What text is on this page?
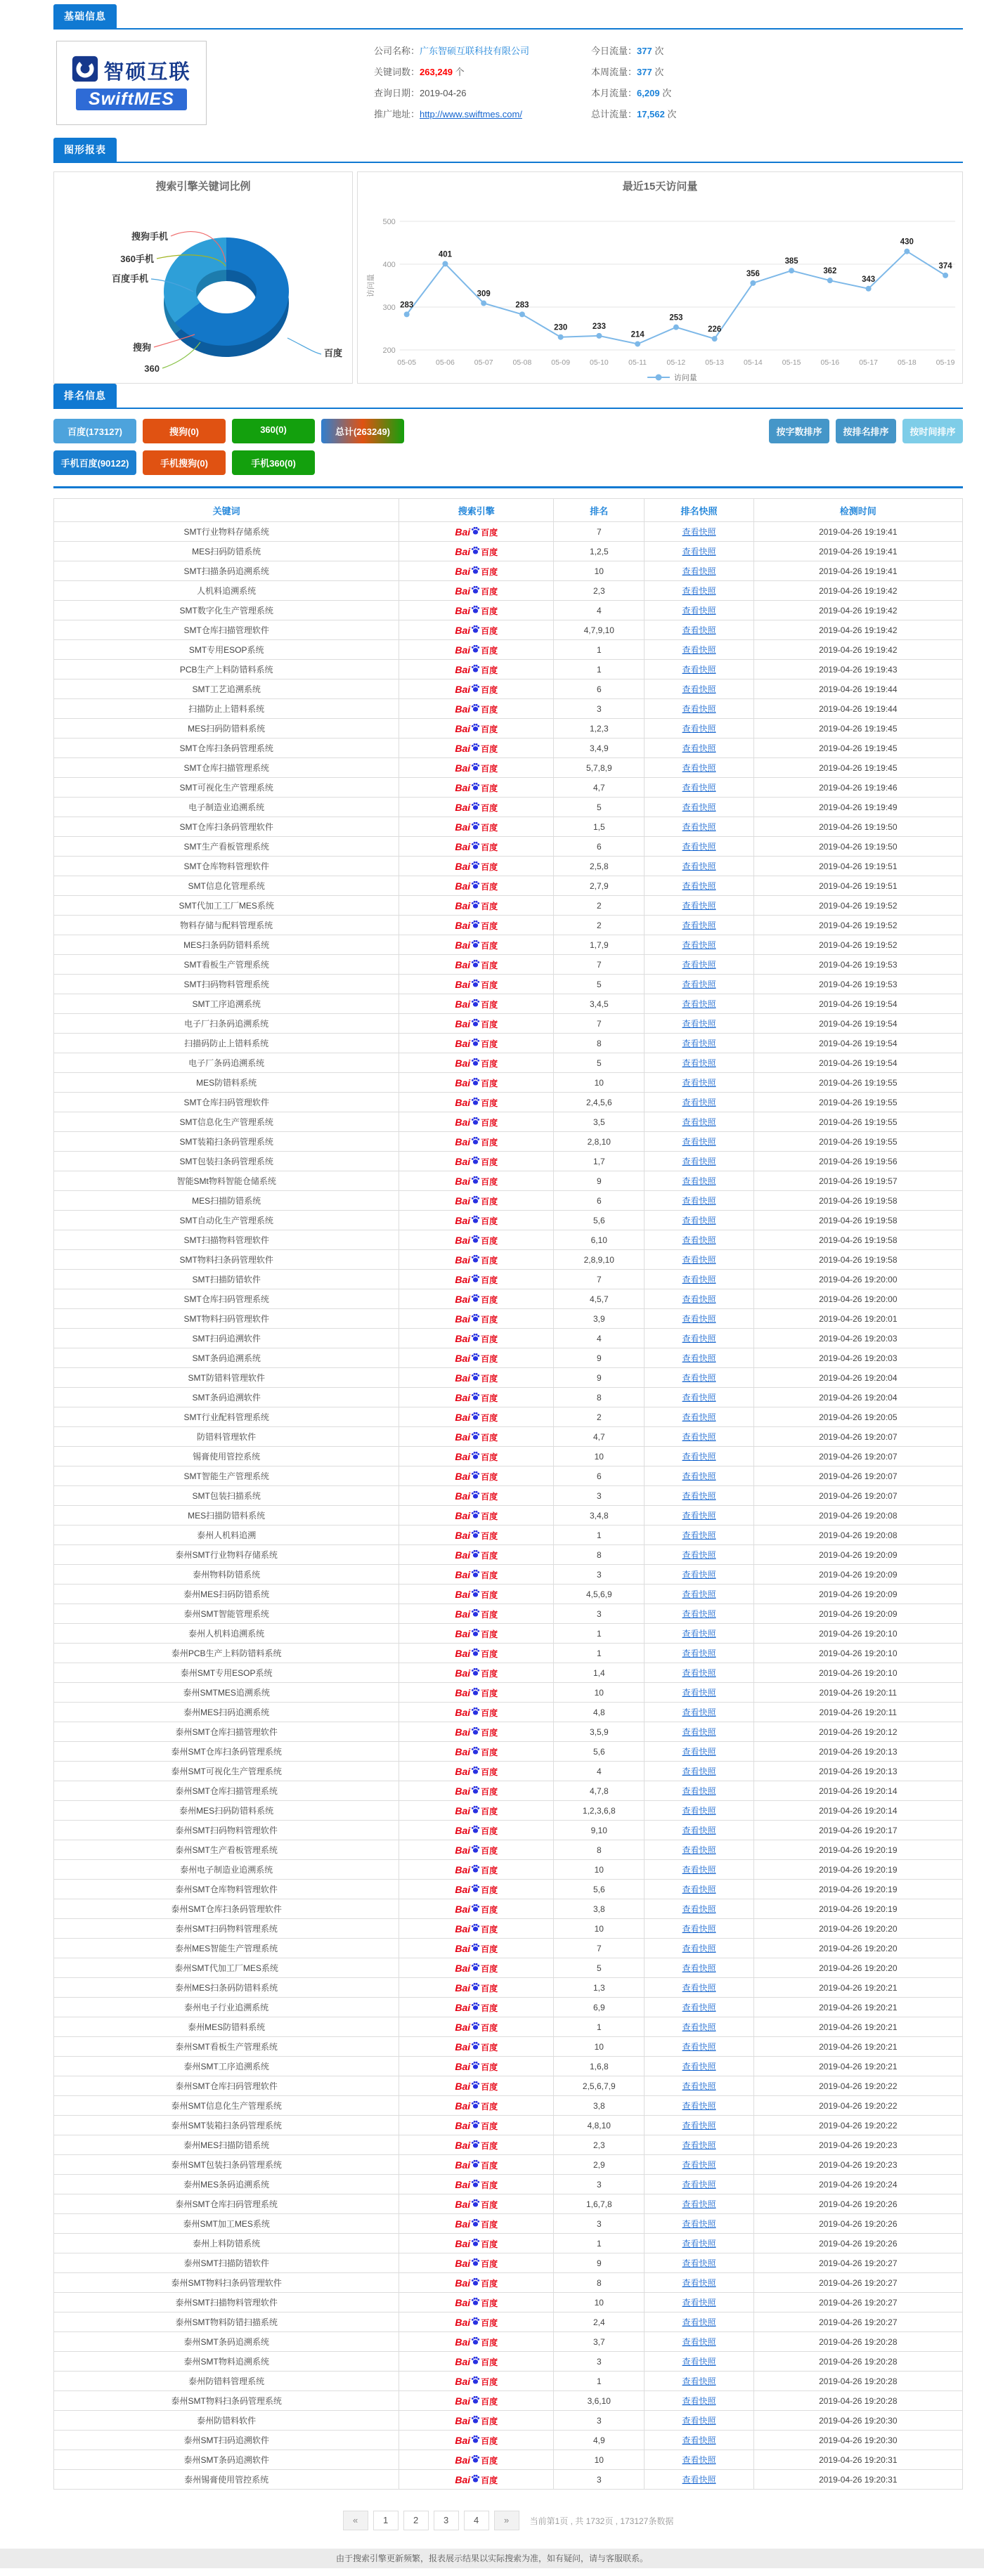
基础信息
智硕互联
SwiftMES
公司名称：广东智硕互联科技有限公司
关键词数：263,249 个
查询日期：2019-04-26
推广地址：http://www.swiftmes.com/
今日流量：377 次
本周流量：377 次
本月流量：6,209 次
总计流量：17,562 次
图形报表
搜索引擎关键词比例
百度
百度手机
搜狗
360
搜狗手机
360手机
最近15天访问量
200
300
400
500
访问量
283
05-05
401
05-06
309
05-07
283
05-08
230
05-09
233
05-10
214
05-11
253
05-12
226
05-13
356
05-14
385
05-15
362
05-16
343
05-17
430
05-18
374
05-19
访问量
排名信息
百度(173127)	搜狗(0)	360(0)	总计(263249)	按字数排序	按排名排序	按时间排序
手机百度(90122)	手机搜狗(0)	手机360(0)
关键词	搜索引擎	排名	排名快照	检测时间
SMT行业物料存储系统	Bai 百度	7	查看快照	2019-04-26 19:19:41
MES扫码防错系统	Bai 百度	1,2,5	查看快照	2019-04-26 19:19:41
SMT扫描条码追溯系统	Bai 百度	10	查看快照	2019-04-26 19:19:41
人机料追溯系统	Bai 百度	2,3	查看快照	2019-04-26 19:19:42
SMT数字化生产管理系统	Bai 百度	4	查看快照	2019-04-26 19:19:42
SMT仓库扫描管理软件	Bai 百度	4,7,9,10	查看快照	2019-04-26 19:19:42
SMT专用ESOP系统	Bai 百度	1	查看快照	2019-04-26 19:19:42
PCB生产上料防错料系统	Bai 百度	1	查看快照	2019-04-26 19:19:43
SMT工艺追溯系统	Bai 百度	6	查看快照	2019-04-26 19:19:44
扫描防止上错料系统	Bai 百度	3	查看快照	2019-04-26 19:19:44
MES扫码防错料系统	Bai 百度	1,2,3	查看快照	2019-04-26 19:19:45
SMT仓库扫条码管理系统	Bai 百度	3,4,9	查看快照	2019-04-26 19:19:45
SMT仓库扫描管理系统	Bai 百度	5,7,8,9	查看快照	2019-04-26 19:19:45
SMT可视化生产管理系统	Bai 百度	4,7	查看快照	2019-04-26 19:19:46
电子制造业追溯系统	Bai 百度	5	查看快照	2019-04-26 19:19:49
SMT仓库扫条码管理软件	Bai 百度	1,5	查看快照	2019-04-26 19:19:50
SMT生产看板管理系统	Bai 百度	6	查看快照	2019-04-26 19:19:50
SMT仓库物料管理软件	Bai 百度	2,5,8	查看快照	2019-04-26 19:19:51
SMT信息化管理系统	Bai 百度	2,7,9	查看快照	2019-04-26 19:19:51
SMT代加工工厂MES系统	Bai 百度	2	查看快照	2019-04-26 19:19:52
物料存储与配料管理系统	Bai 百度	2	查看快照	2019-04-26 19:19:52
MES扫条码防错料系统	Bai 百度	1,7,9	查看快照	2019-04-26 19:19:52
SMT看板生产管理系统	Bai 百度	7	查看快照	2019-04-26 19:19:53
SMT扫码物料管理系统	Bai 百度	5	查看快照	2019-04-26 19:19:53
SMT工序追溯系统	Bai 百度	3,4,5	查看快照	2019-04-26 19:19:54
电子厂扫条码追溯系统	Bai 百度	7	查看快照	2019-04-26 19:19:54
扫描码防止上错料系统	Bai 百度	8	查看快照	2019-04-26 19:19:54
电子厂条码追溯系统	Bai 百度	5	查看快照	2019-04-26 19:19:54
MES防错料系统	Bai 百度	10	查看快照	2019-04-26 19:19:55
SMT仓库扫码管理软件	Bai 百度	2,4,5,6	查看快照	2019-04-26 19:19:55
SMT信息化生产管理系统	Bai 百度	3,5	查看快照	2019-04-26 19:19:55
SMT装箱扫条码管理系统	Bai 百度	2,8,10	查看快照	2019-04-26 19:19:55
SMT包装扫条码管理系统	Bai 百度	1,7	查看快照	2019-04-26 19:19:56
智能SMt物料智能仓储系统	Bai 百度	9	查看快照	2019-04-26 19:19:57
MES扫描防错系统	Bai 百度	6	查看快照	2019-04-26 19:19:58
SMT自动化生产管理系统	Bai 百度	5,6	查看快照	2019-04-26 19:19:58
SMT扫描物料管理软件	Bai 百度	6,10	查看快照	2019-04-26 19:19:58
SMT物料扫条码管理软件	Bai 百度	2,8,9,10	查看快照	2019-04-26 19:19:58
SMT扫描防错软件	Bai 百度	7	查看快照	2019-04-26 19:20:00
SMT仓库扫码管理系统	Bai 百度	4,5,7	查看快照	2019-04-26 19:20:00
SMT物料扫码管理软件	Bai 百度	3,9	查看快照	2019-04-26 19:20:01
SMT扫码追溯软件	Bai 百度	4	查看快照	2019-04-26 19:20:03
SMT条码追溯系统	Bai 百度	9	查看快照	2019-04-26 19:20:03
SMT防错料管理软件	Bai 百度	9	查看快照	2019-04-26 19:20:04
SMT条码追溯软件	Bai 百度	8	查看快照	2019-04-26 19:20:04
SMT行业配料管理系统	Bai 百度	2	查看快照	2019-04-26 19:20:05
防错料管理软件	Bai 百度	4,7	查看快照	2019-04-26 19:20:07
锡膏使用管控系统	Bai 百度	10	查看快照	2019-04-26 19:20:07
SMT智能生产管理系统	Bai 百度	6	查看快照	2019-04-26 19:20:07
SMT包装扫描系统	Bai 百度	3	查看快照	2019-04-26 19:20:07
MES扫描防错料系统	Bai 百度	3,4,8	查看快照	2019-04-26 19:20:08
泰州人机料追溯	Bai 百度	1	查看快照	2019-04-26 19:20:08
泰州SMT行业物料存储系统	Bai 百度	8	查看快照	2019-04-26 19:20:09
泰州物料防错系统	Bai 百度	3	查看快照	2019-04-26 19:20:09
泰州MES扫码防错系统	Bai 百度	4,5,6,9	查看快照	2019-04-26 19:20:09
泰州SMT智能管理系统	Bai 百度	3	查看快照	2019-04-26 19:20:09
泰州人机料追溯系统	Bai 百度	1	查看快照	2019-04-26 19:20:10
泰州PCB生产上料防错料系统	Bai 百度	1	查看快照	2019-04-26 19:20:10
泰州SMT专用ESOP系统	Bai 百度	1,4	查看快照	2019-04-26 19:20:10
泰州SMTMES追溯系统	Bai 百度	10	查看快照	2019-04-26 19:20:11
泰州MES扫码追溯系统	Bai 百度	4,8	查看快照	2019-04-26 19:20:11
泰州SMT仓库扫描管理软件	Bai 百度	3,5,9	查看快照	2019-04-26 19:20:12
泰州SMT仓库扫条码管理系统	Bai 百度	5,6	查看快照	2019-04-26 19:20:13
泰州SMT可视化生产管理系统	Bai 百度	4	查看快照	2019-04-26 19:20:13
泰州SMT仓库扫描管理系统	Bai 百度	4,7,8	查看快照	2019-04-26 19:20:14
泰州MES扫码防错料系统	Bai 百度	1,2,3,6,8	查看快照	2019-04-26 19:20:14
泰州SMT扫码物料管理软件	Bai 百度	9,10	查看快照	2019-04-26 19:20:17
泰州SMT生产看板管理系统	Bai 百度	8	查看快照	2019-04-26 19:20:19
泰州电子制造业追溯系统	Bai 百度	10	查看快照	2019-04-26 19:20:19
泰州SMT仓库物料管理软件	Bai 百度	5,6	查看快照	2019-04-26 19:20:19
泰州SMT仓库扫条码管理软件	Bai 百度	3,8	查看快照	2019-04-26 19:20:19
泰州SMT扫码物料管理系统	Bai 百度	10	查看快照	2019-04-26 19:20:20
泰州MES智能生产管理系统	Bai 百度	7	查看快照	2019-04-26 19:20:20
泰州SMT代加工厂MES系统	Bai 百度	5	查看快照	2019-04-26 19:20:20
泰州MES扫条码防错料系统	Bai 百度	1,3	查看快照	2019-04-26 19:20:21
泰州电子行业追溯系统	Bai 百度	6,9	查看快照	2019-04-26 19:20:21
泰州MES防错料系统	Bai 百度	1	查看快照	2019-04-26 19:20:21
泰州SMT看板生产管理系统	Bai 百度	10	查看快照	2019-04-26 19:20:21
泰州SMT工序追溯系统	Bai 百度	1,6,8	查看快照	2019-04-26 19:20:21
泰州SMT仓库扫码管理软件	Bai 百度	2,5,6,7,9	查看快照	2019-04-26 19:20:22
泰州SMT信息化生产管理系统	Bai 百度	3,8	查看快照	2019-04-26 19:20:22
泰州SMT装箱扫条码管理系统	Bai 百度	4,8,10	查看快照	2019-04-26 19:20:22
泰州MES扫描防错系统	Bai 百度	2,3	查看快照	2019-04-26 19:20:23
泰州SMT包装扫条码管理系统	Bai 百度	2,9	查看快照	2019-04-26 19:20:23
泰州MES条码追溯系统	Bai 百度	3	查看快照	2019-04-26 19:20:24
泰州SMT仓库扫码管理系统	Bai 百度	1,6,7,8	查看快照	2019-04-26 19:20:26
泰州SMT加工MES系统	Bai 百度	3	查看快照	2019-04-26 19:20:26
泰州上料防错系统	Bai 百度	1	查看快照	2019-04-26 19:20:26
泰州SMT扫描防错软件	Bai 百度	9	查看快照	2019-04-26 19:20:27
泰州SMT物料扫条码管理软件	Bai 百度	8	查看快照	2019-04-26 19:20:27
泰州SMT扫描物料管理软件	Bai 百度	10	查看快照	2019-04-26 19:20:27
泰州SMT物料防错扫描系统	Bai 百度	2,4	查看快照	2019-04-26 19:20:27
泰州SMT条码追溯系统	Bai 百度	3,7	查看快照	2019-04-26 19:20:28
泰州SMT物料追溯系统	Bai 百度	3	查看快照	2019-04-26 19:20:28
泰州防错料管理系统	Bai 百度	1	查看快照	2019-04-26 19:20:28
泰州SMT物料扫条码管理系统	Bai 百度	3,6,10	查看快照	2019-04-26 19:20:28
泰州防错料软件	Bai 百度	3	查看快照	2019-04-26 19:20:30
泰州SMT扫码追溯软件	Bai 百度	4,9	查看快照	2019-04-26 19:20:30
泰州SMT条码追溯软件	Bai 百度	10	查看快照	2019-04-26 19:20:31
泰州锡膏使用管控系统	Bai 百度	3	查看快照	2019-04-26 19:20:31
«	1	2	3	4	»	当前第1页 , 共 1732页 , 173127条数据
由于搜索引擎更新频繁，报表展示结果以实际搜索为准，如有疑问，请与客服联系。
